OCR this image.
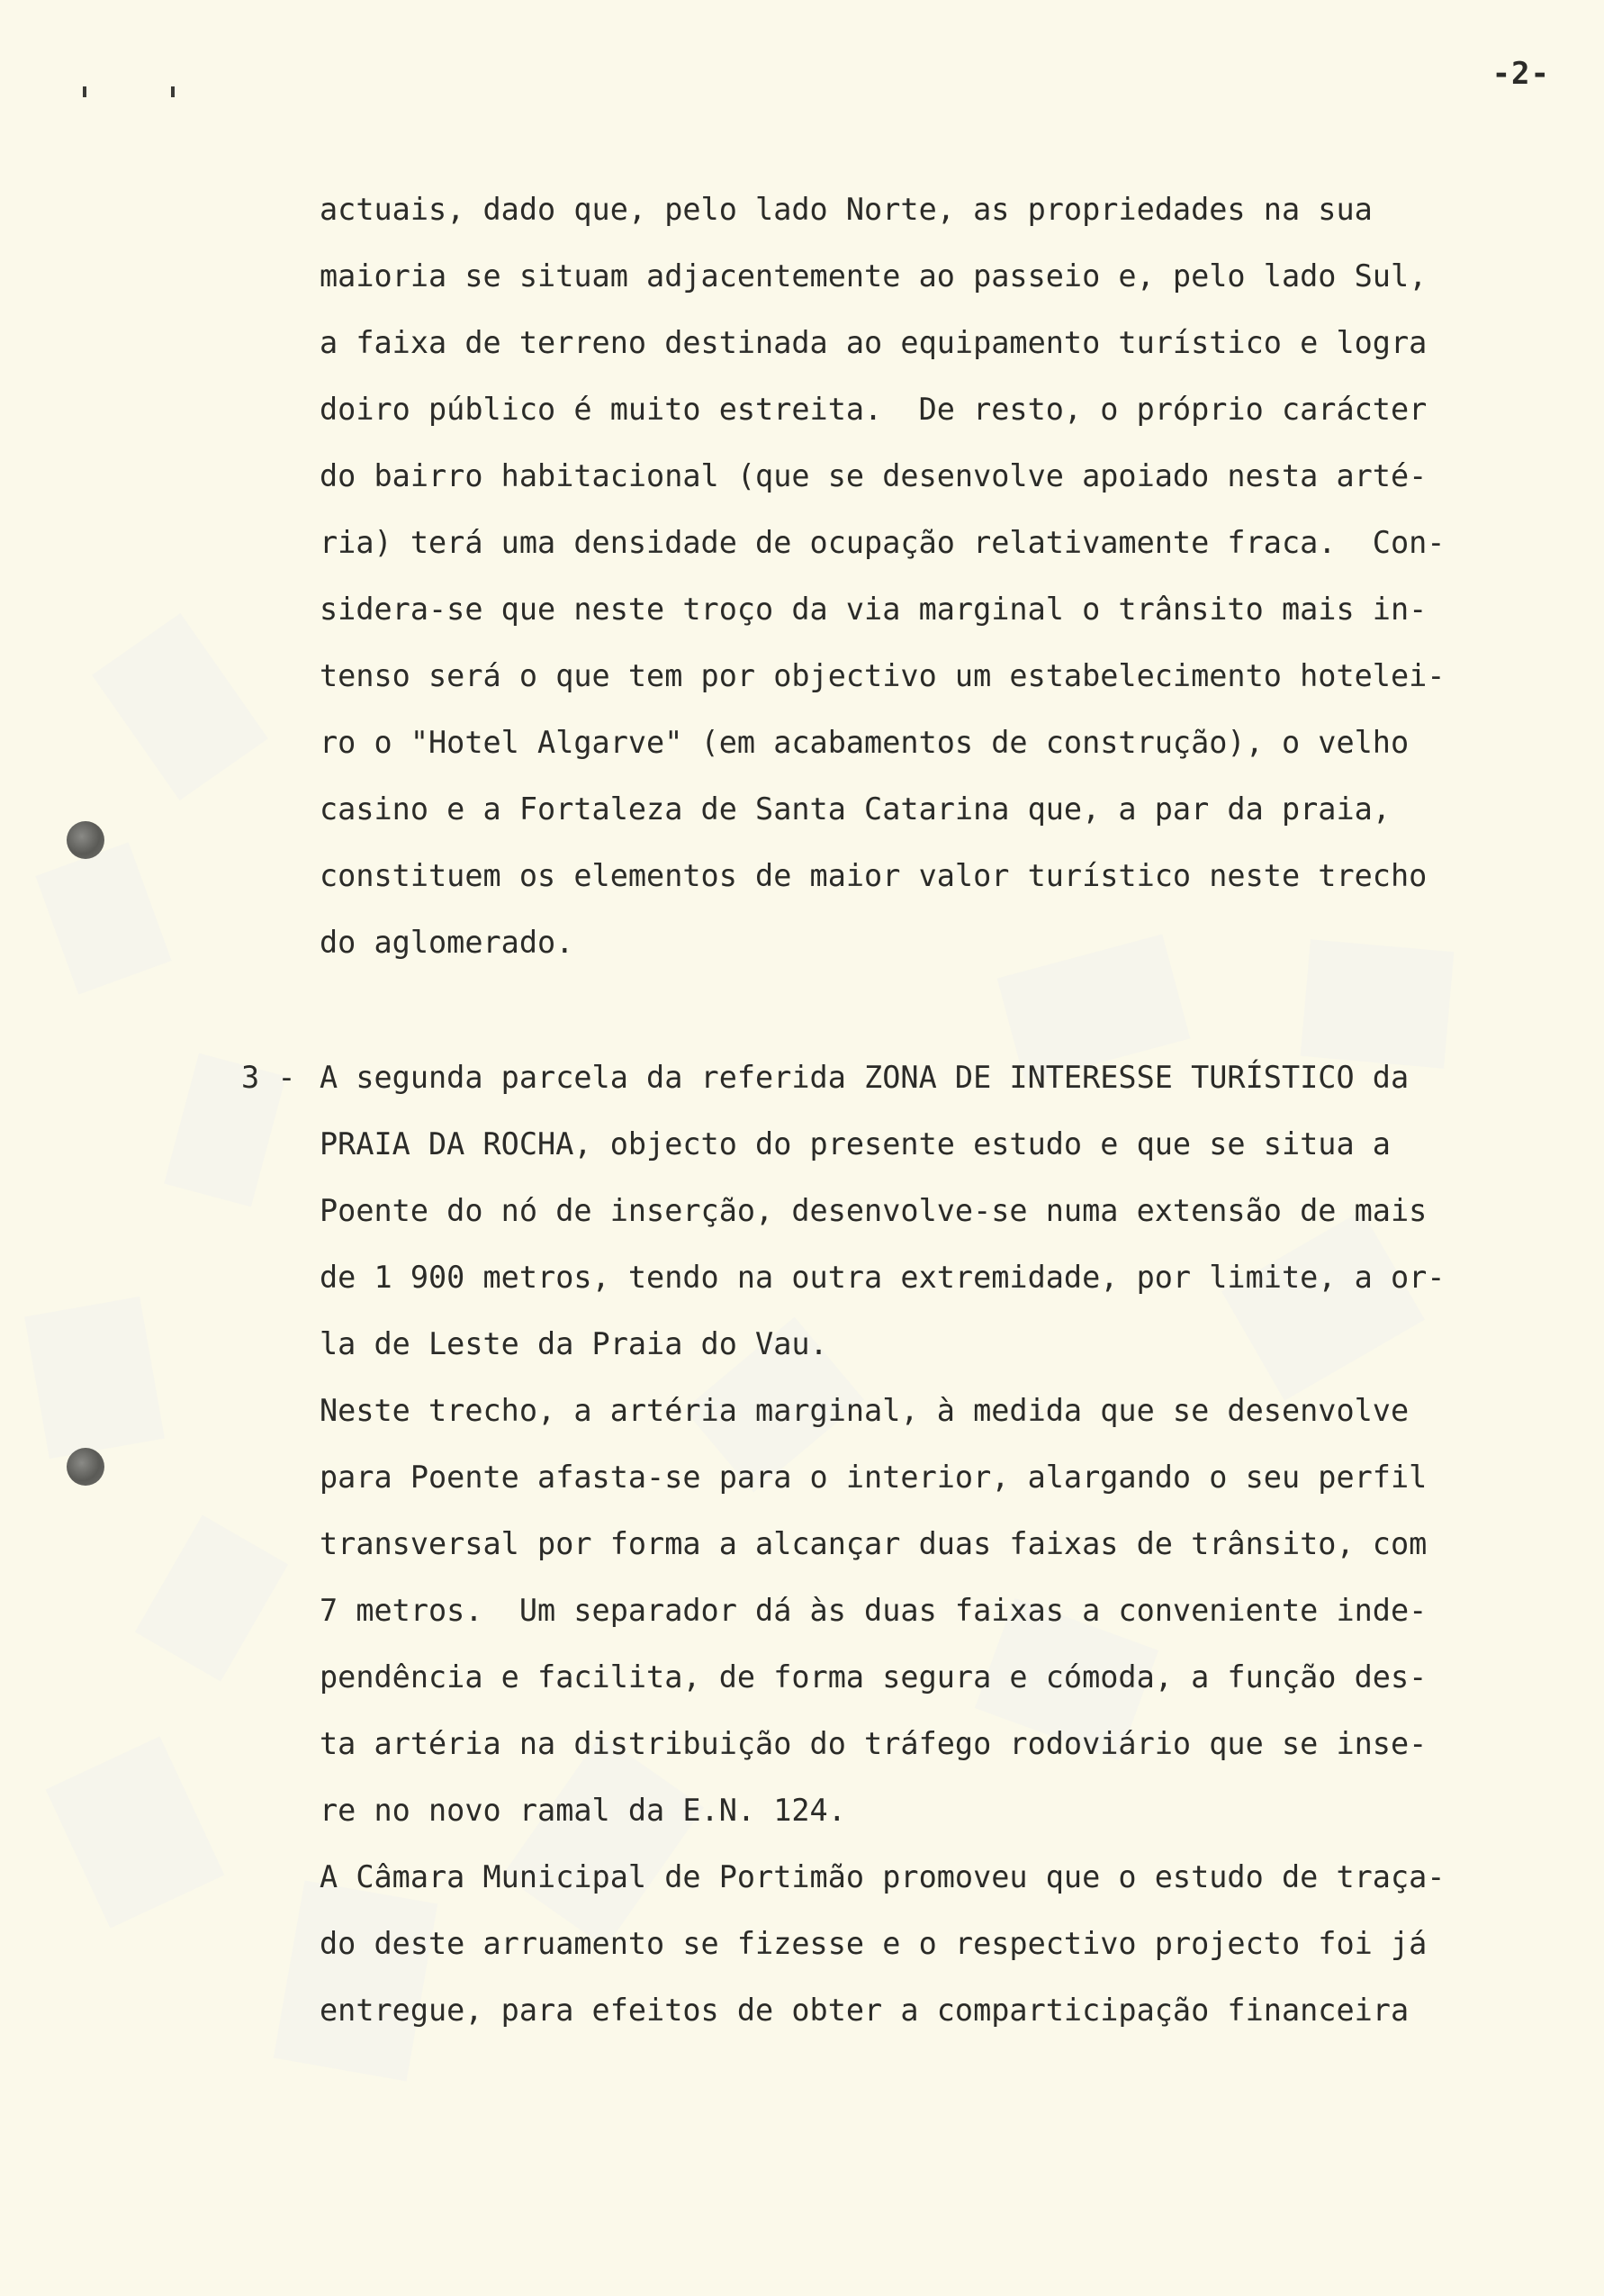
-2-
actuais, dado que, pelo lado Norte, as propriedades na sua
maioria se situam adjacentemente ao passeio e, pelo lado Sul,
a faixa de terreno destinada ao equipamento turístico e logra
doiro público é muito estreita.  De resto, o próprio carácter
do bairro habitacional (que se desenvolve apoiado nesta arté-
ria) terá uma densidade de ocupação relativamente fraca.  Con-
sidera-se que neste troço da via marginal o trânsito mais in-
tenso será o que tem por objectivo um estabelecimento hotelei-
ro o "Hotel Algarve" (em acabamentos de construção), o velho
casino e a Fortaleza de Santa Catarina que, a par da praia,
constituem os elementos de maior valor turístico neste trecho
do aglomerado.
3 - A segunda parcela da referida ZONA DE INTERESSE TURÍSTICO da
PRAIA DA ROCHA, objecto do presente estudo e que se situa a
Poente do nó de inserção, desenvolve-se numa extensão de mais
de 1 900 metros, tendo na outra extremidade, por limite, a or-
la de Leste da Praia do Vau.
Neste trecho, a artéria marginal, à medida que se desenvolve
para Poente afasta-se para o interior, alargando o seu perfil
transversal por forma a alcançar duas faixas de trânsito, com
7 metros.  Um separador dá às duas faixas a conveniente inde-
pendência e facilita, de forma segura e cómoda, a função des-
ta artéria na distribuição do tráfego rodoviário que se inse-
re no novo ramal da E.N. 124.
A Câmara Municipal de Portimão promoveu que o estudo de traça-
do deste arruamento se fizesse e o respectivo projecto foi já
entregue, para efeitos de obter a comparticipação financeira
